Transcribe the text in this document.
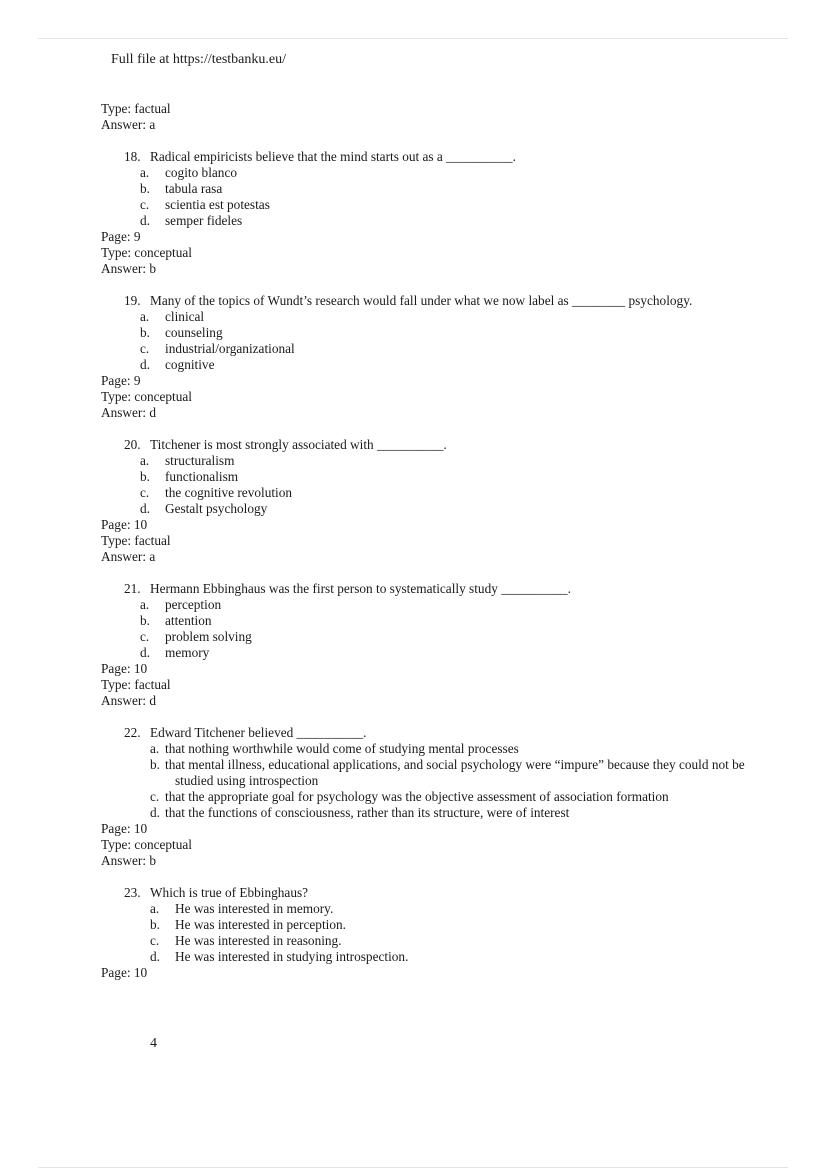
Full file at https://testbanku.eu/
Type: factual
Answer: a
18. Radical empiricists believe that the mind starts out as a __________.
a. cogito blanco
b. tabula rasa
c. scientia est potestas
d. semper fideles
Page: 9
Type: conceptual
Answer: b
19. Many of the topics of Wundt’s research would fall under what we now label as ________ psychology.
a. clinical
b. counseling
c. industrial/organizational
d. cognitive
Page: 9
Type: conceptual
Answer: d
20. Titchener is most strongly associated with __________.
a. structuralism
b. functionalism
c. the cognitive revolution
d. Gestalt psychology
Page: 10
Type: factual
Answer: a
21. Hermann Ebbinghaus was the first person to systematically study __________.
a. perception
b. attention
c. problem solving
d. memory
Page: 10
Type: factual
Answer: d
22. Edward Titchener believed __________.
a. that nothing worthwhile would come of studying mental processes
b. that mental illness, educational applications, and social psychology were “impure” because they could not be studied using introspection
c. that the appropriate goal for psychology was the objective assessment of association formation
d. that the functions of consciousness, rather than its structure, were of interest
Page: 10
Type: conceptual
Answer: b
23. Which is true of Ebbinghaus?
a. He was interested in memory.
b. He was interested in perception.
c. He was interested in reasoning.
d. He was interested in studying introspection.
Page: 10
4
